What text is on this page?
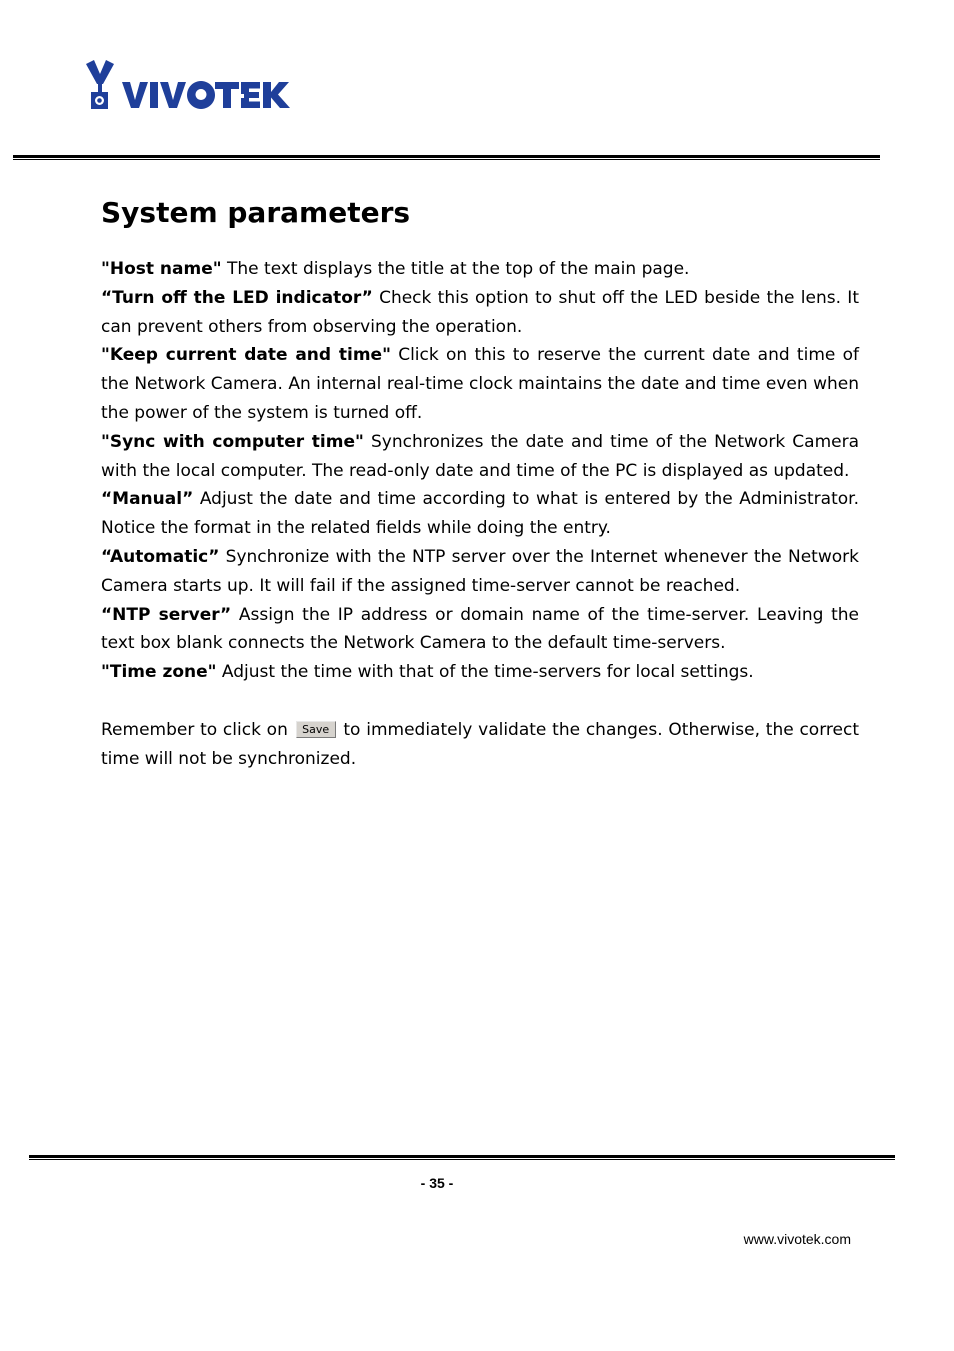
System parameters

"Host name" The text displays the title at the top of the main page.

“Turn off the LED indicator” Check this option to shut off the LED beside the lens. It can prevent others from observing the operation.

"Keep current date and time" Click on this to reserve the current date and time of the Network Camera. An internal real-time clock maintains the date and time even when the power of the system is turned off.

"Sync with computer time" Synchronizes the date and time of the Network Camera with the local computer. The read-only date and time of the PC is displayed as updated.

“Manual” Adjust the date and time according to what is entered by the Administrator. Notice the format in the related fields while doing the entry.

“Automatic” Synchronize with the NTP server over the Internet whenever the Network Camera starts up. It will fail if the assigned time-server cannot be reached.

“NTP server” Assign the IP address or domain name of the time-server. Leaving the text box blank connects the Network Camera to the default time-servers.

"Time zone" Adjust the time with that of the time-servers for local settings.

Remember to click on Save to immediately validate the changes. Otherwise, the correct time will not be synchronized.

- 35 -
www.vivotek.com
